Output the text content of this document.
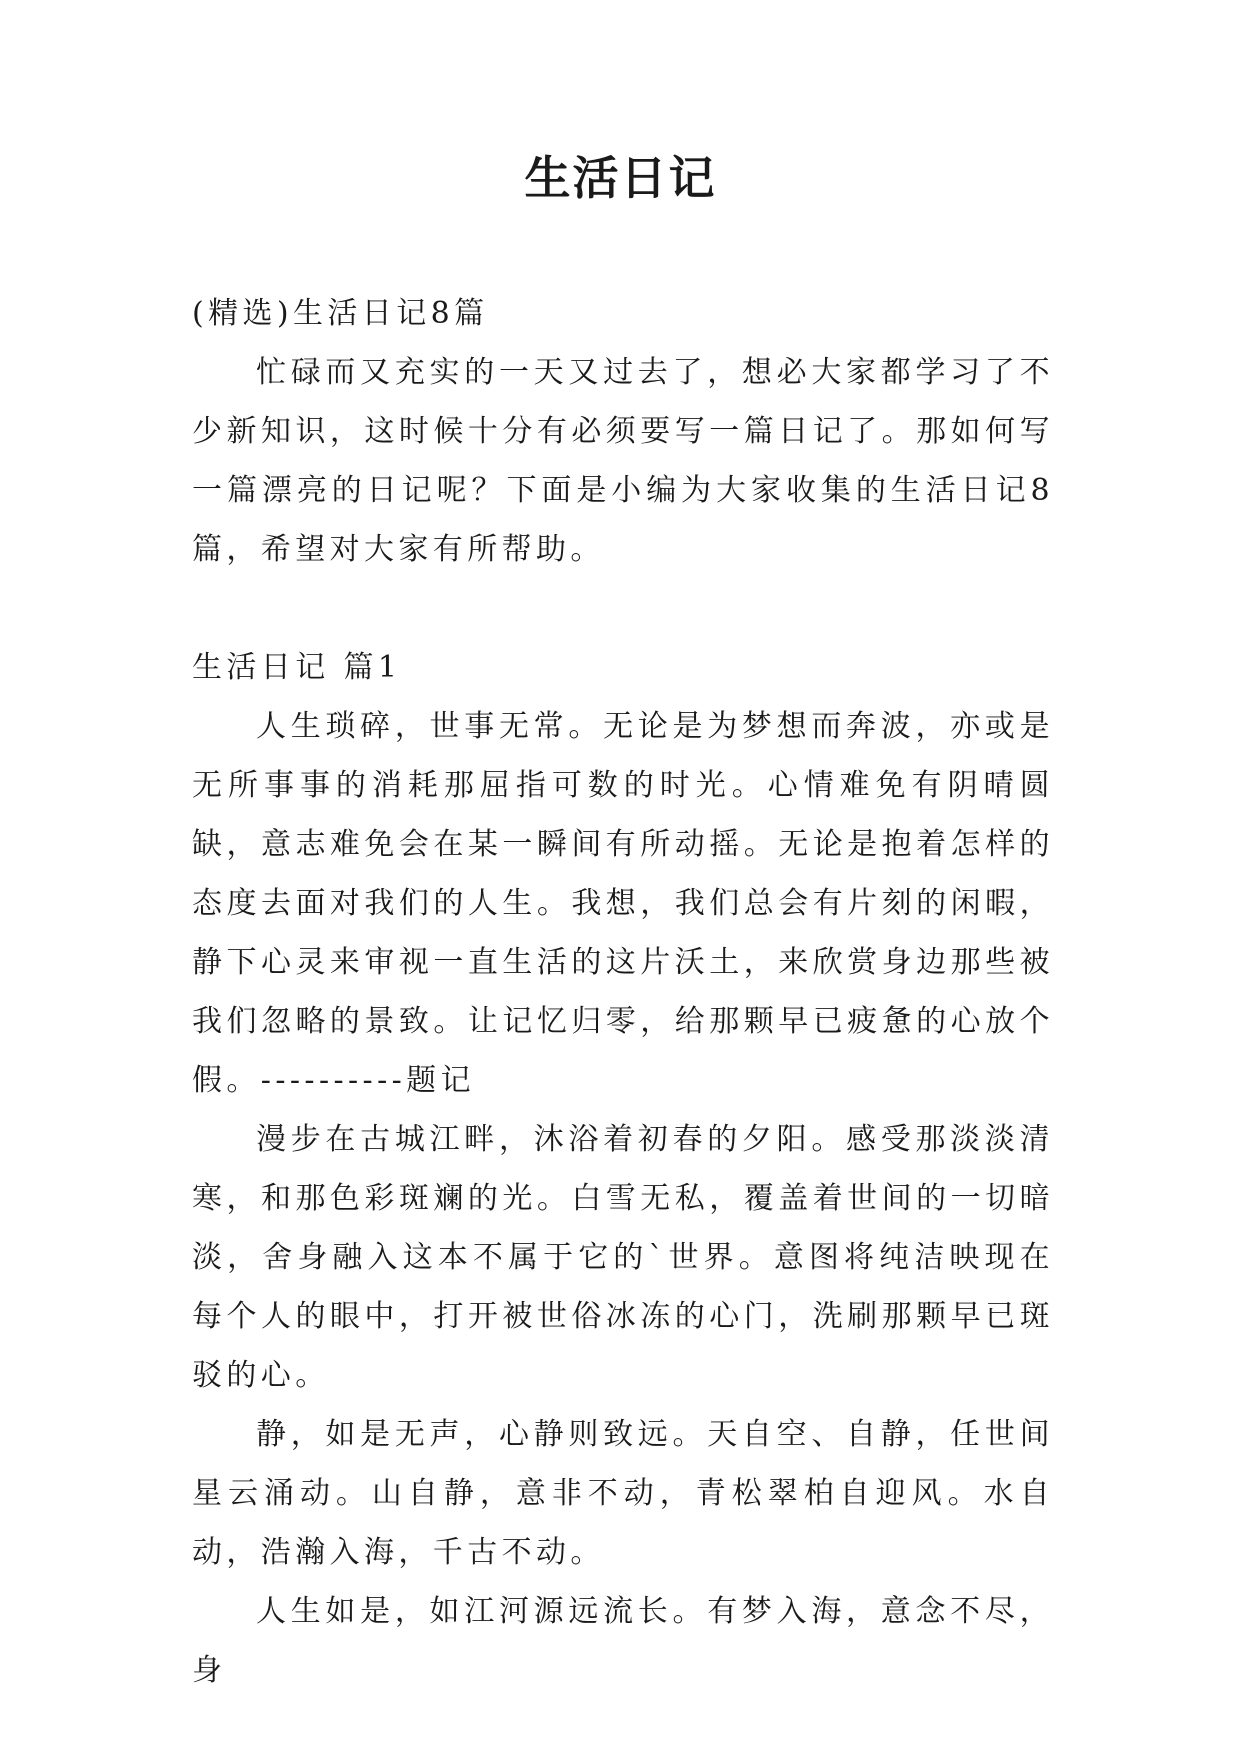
生活日记

(精选)生活日记8篇

忙碌而又充实的一天又过去了，想必大家都学习了不少新知识，这时候十分有必须要写一篇日记了。那如何写一篇漂亮的日记呢？下面是小编为大家收集的生活日记8篇，希望对大家有所帮助。

生活日记 篇1

人生琐碎，世事无常。无论是为梦想而奔波，亦或是无所事事的消耗那屈指可数的时光。心情难免有阴晴圆缺，意志难免会在某一瞬间有所动摇。无论是抱着怎样的态度去面对我们的人生。我想，我们总会有片刻的闲暇，静下心灵来审视一直生活的这片沃土，来欣赏身边那些被我们忽略的景致。让记忆归零，给那颗早已疲惫的心放个假。----------题记

漫步在古城江畔，沐浴着初春的夕阳。感受那淡淡清寒，和那色彩斑斓的光。白雪无私，覆盖着世间的一切暗淡，舍身融入这本不属于它的`世界。意图将纯洁映现在每个人的眼中，打开被世俗冰冻的心门，洗刷那颗早已斑驳的心。

静，如是无声，心静则致远。天自空、自静，任世间星云涌动。山自静，意非不动，青松翠柏自迎风。水自动，浩瀚入海，千古不动。

人生如是，如江河源远流长。有梦入海，意念不尽，身
